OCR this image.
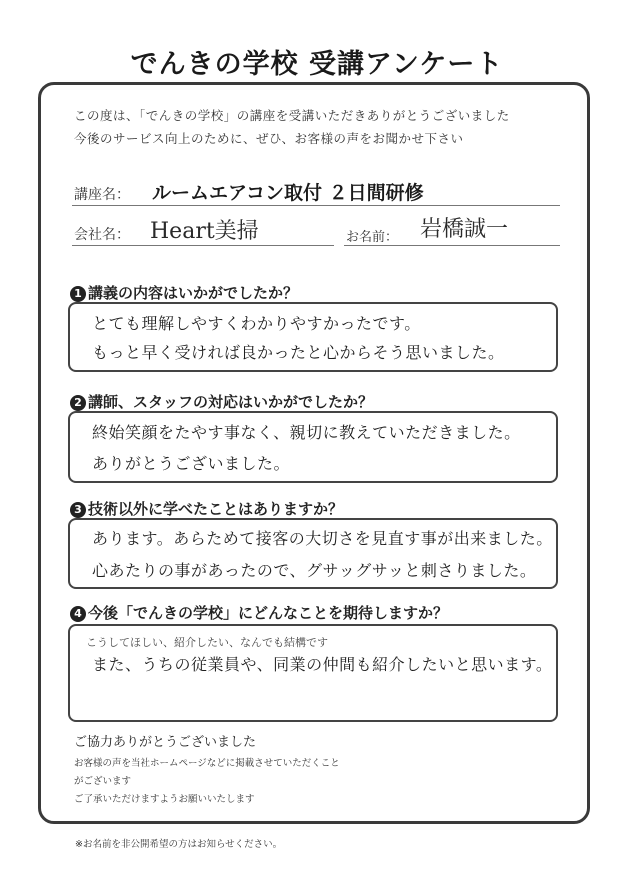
でんきの学校 受講アンケート
この度は、「でんきの学校」の講座を受講いただきありがとうございました
今後のサービス向上のために、ぜひ、お客様の声をお聞かせ下さい
講座名： ルームエアコン取付 ２日間研修
会社名： Heart美掃	お名前： 岩橋誠一
1 講義の内容はいかがでしたか？
とても理解しやすくわかりやすかったです。
もっと早く受ければ良かったと心からそう思いました。
2 講師、スタッフの対応はいかがでしたか？
終始笑顔をたやす事なく、親切に教えていただきました。
ありがとうございました。
3 技術以外に学べたことはありますか？
あります。あらためて接客の大切さを見直す事が出来ました。
心あたりの事があったので、グサッグサッと刺さりました。
4 今後「でんきの学校」にどんなことを期待しますか？
こうしてほしい、紹介したい、なんでも結構です
また、うちの従業員や、同業の仲間も紹介したいと思います。
ご協力ありがとうございました
お客様の声を当社ホームページなどに掲載させていただくこと
がございます
ご了承いただけますようお願いいたします
※お名前を非公開希望の方はお知らせください。
